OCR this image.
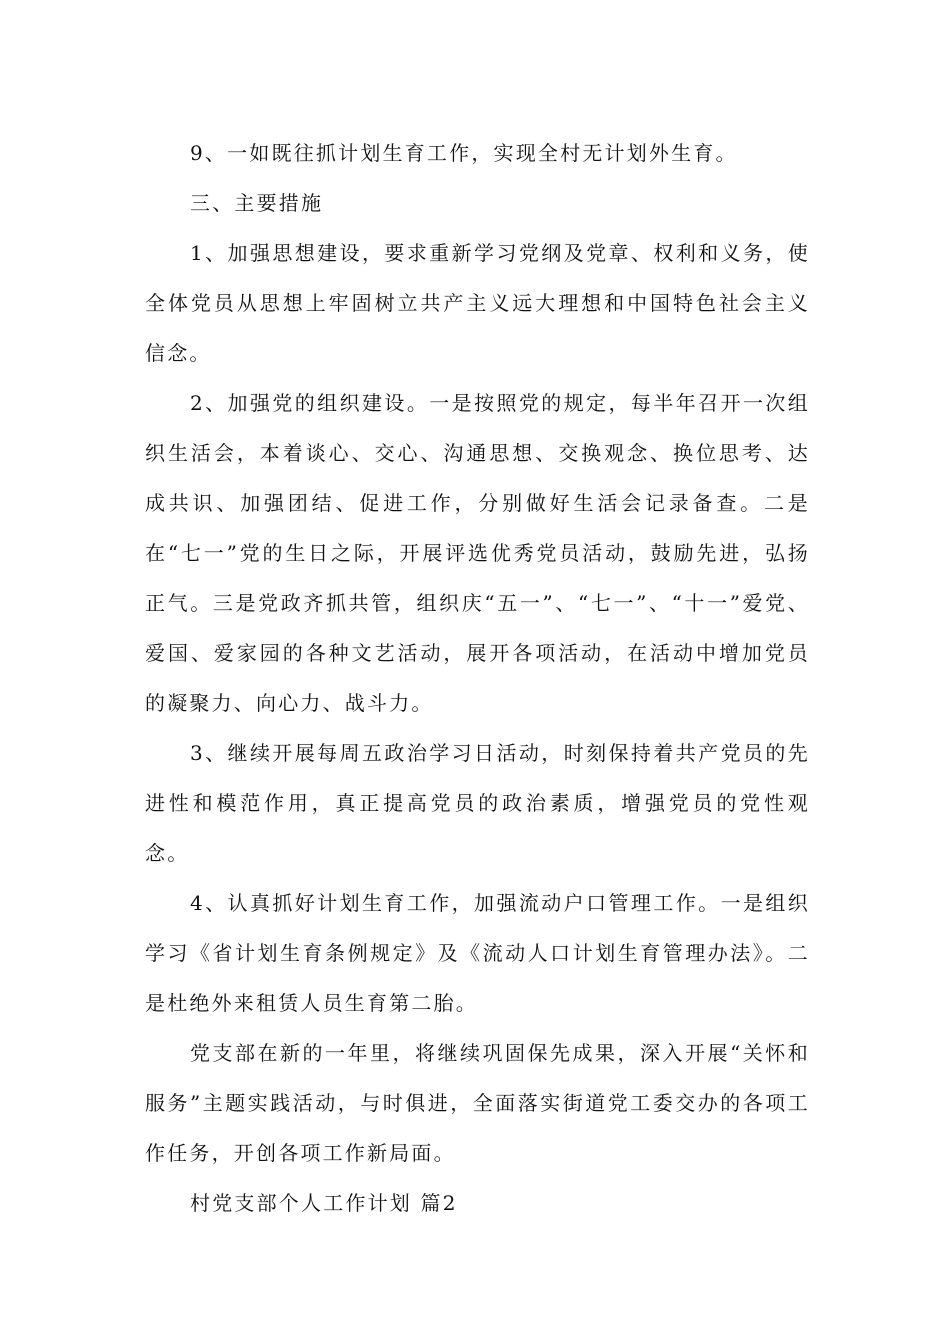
9、一如既往抓计划生育工作，实现全村无计划外生育。

三、主要措施

1、加强思想建设，要求重新学习党纲及党章、权利和义务，使全体党员从思想上牢固树立共产主义远大理想和中国特色社会主义信念。

2、加强党的组织建设。一是按照党的规定，每半年召开一次组织生活会，本着谈心、交心、沟通思想、交换观念、换位思考、达成共识、加强团结、促进工作，分别做好生活会记录备查。二是在“七一”党的生日之际，开展评选优秀党员活动，鼓励先进，弘扬正气。三是党政齐抓共管，组织庆“五一”、“七一”、“十一”爱党、爱国、爱家园的各种文艺活动，展开各项活动，在活动中增加党员的凝聚力、向心力、战斗力。

3、继续开展每周五政治学习日活动，时刻保持着共产党员的先进性和模范作用，真正提高党员的政治素质，增强党员的党性观念。

4、认真抓好计划生育工作，加强流动户口管理工作。一是组织学习《省计划生育条例规定》及《流动人口计划生育管理办法》。二是杜绝外来租赁人员生育第二胎。

党支部在新的一年里，将继续巩固保先成果，深入开展“关怀和服务”主题实践活动，与时俱进，全面落实街道党工委交办的各项工作任务，开创各项工作新局面。

村党支部个人工作计划 篇2
